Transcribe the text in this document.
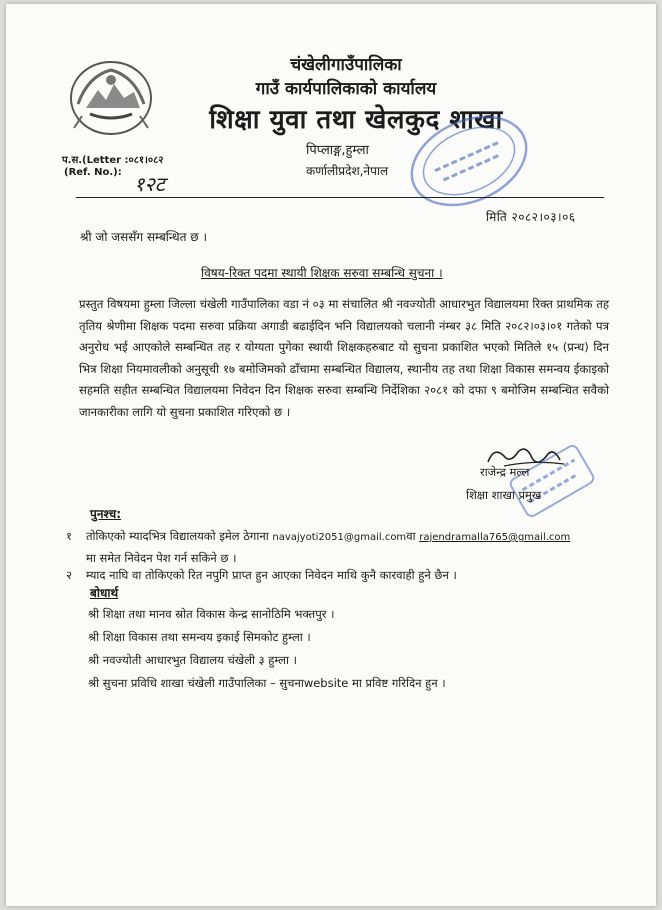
चंखेलीगाउँपालिका
गाउँ कार्यपालिकाको कार्यालय
शिक्षा युवा तथा खेलकुद शाखा
पिप्लाङ्ग,हुम्ला
कर्णालीप्रदेश,नेपाल
प.स.(Letter :०८१।०८२
(Ref. No.): १२ट
मिति २०८२।०३।०६
श्री जो जससँग सम्बन्धित छ ।
विषय-रिक्त पदमा स्थायी शिक्षक सरुवा सम्बन्धि सुचना ।
प्रस्तुत विषयमा हुम्ला जिल्ला चंखेली गाउँपालिका वडा नं ०३ मा संचालित श्री नवज्योती आधारभुत विद्यालयमा रिक्त प्राथमिक तह तृतिय श्रेणीमा शिक्षक पदमा सरुवा प्रक्रिया अगाडी बढाईदिन भनि विद्यालयको चलानी नंम्बर ३८ मिति २०८२।०३।०१ गतेको पत्र अनुरोध भई आएकोले सम्बन्धित तह र योग्यता पुगेका स्थायी शिक्षकहरुबाट यो सुचना प्रकाशित भएको मितिले १५ (प्रन्ध) दिन भित्र शिक्षा नियमावलीको अनुसूची १७ बमोजिमको ढाँचामा सम्बन्धित विद्यालय, स्थानीय तह तथा शिक्षा विकास समन्वय ईकाइको सहमति सहीत सम्बन्धित विद्यालयमा निवेदन दिन शिक्षक सरुवा सम्बन्धि निर्देशिका २०८१ को दफा ९ बमोजिम सम्बन्धित सवैको जानकारीका लागि यो सुचना प्रकाशित गरिएको छ ।
राजेन्द्र मल्ल
शिक्षा शाखा प्रमुख
पुनश्च:
१ तोकिएको म्यादभित्र विद्यालयको इमेल ठेगाना navajyoti2051@gmail.comवा rajendramalla765@gmail.com
मा समेत निवेदन पेश गर्न सकिने छ ।
२ म्याद नाघि वा तोकिएको रित नपुगि प्राप्त हुन आएका निवेदन माथि कुनै कारवाही हुने छैन ।
बोधार्थ
श्री शिक्षा तथा मानव स्रोत विकास केन्द्र सानोठिमि भक्तपुर ।
श्री शिक्षा विकास तथा समन्वय इकाई सिमकोट हुम्ला ।
श्री नवज्योती आधारभुत विद्यालय चंखेली ३ हुम्ला ।
श्री सुचना प्रविधि शाखा चंखेली गाउँपालिका – सुचनाwebsite मा प्रविष्ट गरिदिन हुन ।
